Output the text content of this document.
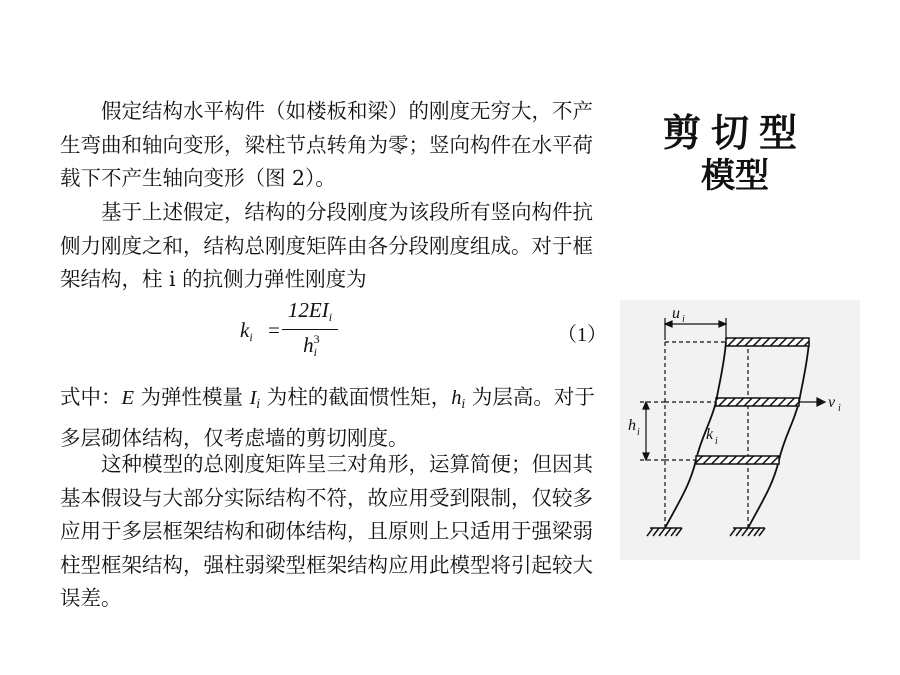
剪切型
模型

假定结构水平构件（如楼板和梁）的刚度无穷大，不产生弯曲和轴向变形，梁柱节点转角为零；竖向构件在水平荷载下不产生轴向变形（图 2）。

基于上述假定，结构的分段刚度为该段所有竖向构件抗侧力刚度之和，结构总刚度矩阵由各分段刚度组成。对于框架结构，柱 i 的抗侧力弹性刚度为

$k_i$ =
$12EI_i$
$h^3_i$
（1）

式中：E 为弹性模量 $I_i$ 为柱的截面惯性矩，$h_i$ 为层高。对于多层砌体结构，仅考虑墙的剪切刚度。

这种模型的总刚度矩阵呈三对角形，运算简便；但因其基本假设与大部分实际结构不符，故应用受到限制，仅较多应用于多层框架结构和砌体结构，且原则上只适用于强梁弱柱型框架结构，强柱弱梁型框架结构应用此模型将引起较大误差。

u i
v i
h i	k i
